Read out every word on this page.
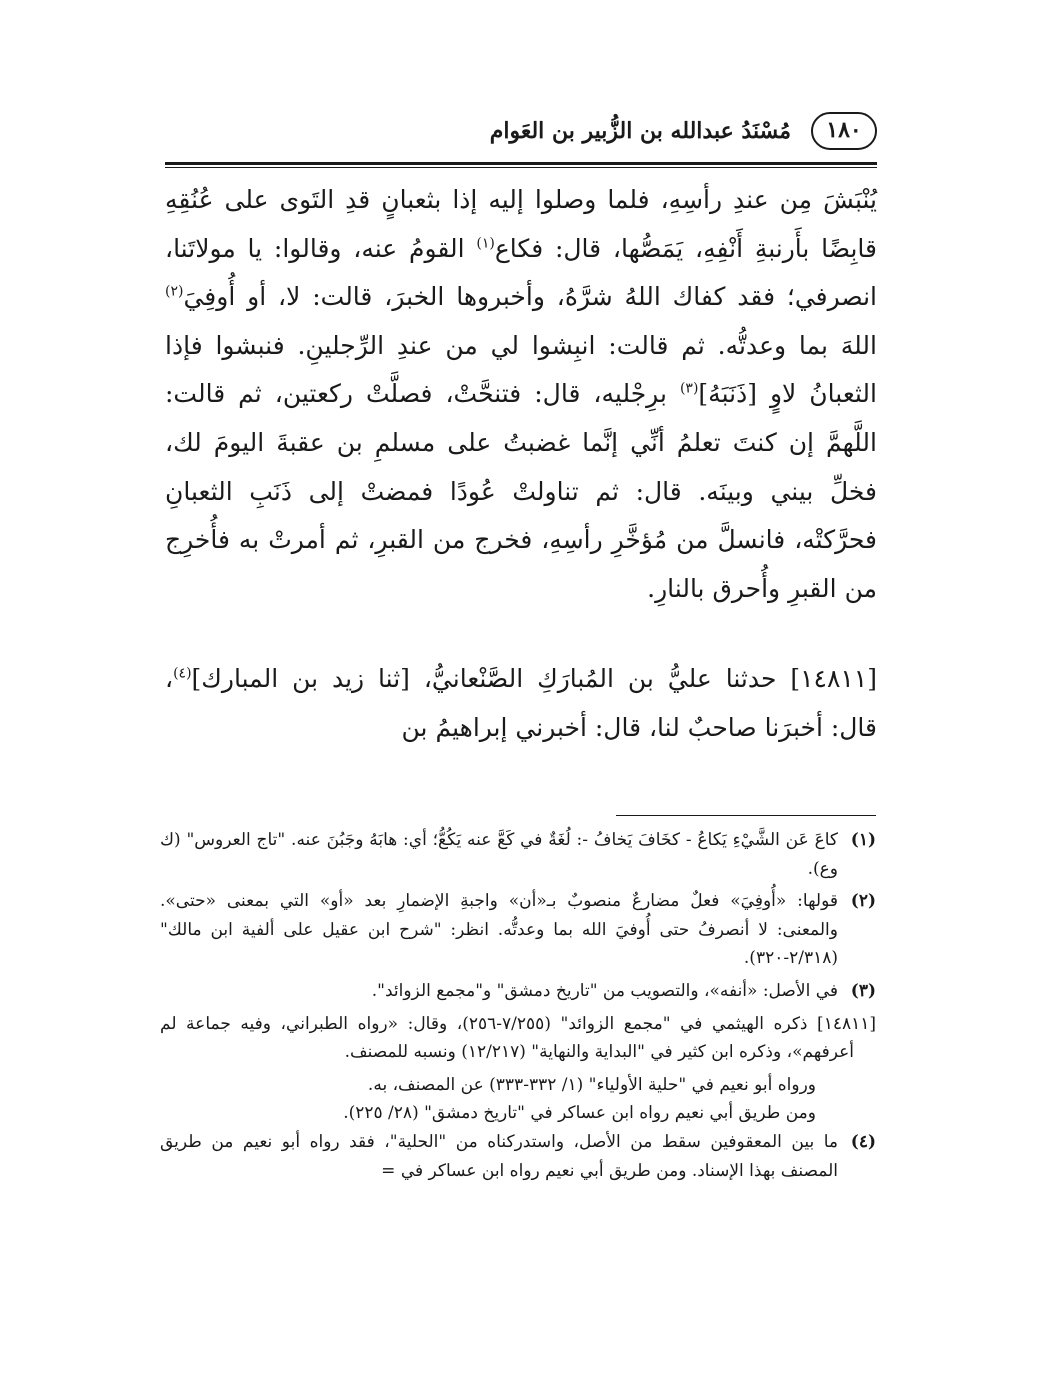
١٨٠
مُسْنَدُ عبدالله بن الزُّبير بن العَوام

يُنْبَشَ مِن عندِ رأسِهِ، فلما وصلوا إليه إذا بثعبانٍ قدِ التَوى على عُنُقِهِ قابِضًا بأَرنبةِ أَنْفِهِ، يَمَصُّها، قال: فكاع$^{(١)}$ القومُ عنه، وقالوا: يا مولاتَنا، انصرفي؛ فقد كفاك اللهُ شرَّهُ، وأخبروها الخبرَ، قالت: لا، أو أُوفِيَ$^{(٢)}$ اللهَ بما وعدتُّه. ثم قالت: انبِشوا لي من عندِ الرِّجلينِ. فنبشوا فإذا الثعبانُ لاوٍ [ذَنَبَهُ]$^{(٣)}$ برِجْليه، قال: فتنحَّتْ، فصلَّتْ ركعتين، ثم قالت: اللَّهمَّ إن كنتَ تعلمُ أنِّي إنَّما غضبتُ على مسلمِ بن عقبةَ اليومَ لك، فخلِّ بيني وبينَه. قال: ثم تناولتْ عُودًا فمضتْ إلى ذَنَبِ الثعبانِ فحرَّكتْه، فانسلَّ من مُؤخَّرِ رأسِهِ، فخرج من القبرِ، ثم أمرتْ به فأُخرِج من القبرِ وأُحرق بالنارِ.

[١٤٨١١] حدثنا عليُّ بن المُبارَكِ الصَّنْعانيُّ، [ثنا زيد بن المبارك]$^{(٤)}$، قال: أخبرَنا صاحبٌ لنا، قال: أخبرني إبراهيمُ بن

(١)
كاعَ عَن الشَّيْءِ يَكاعُ - كخَافَ يَخافُ -: لُغَةٌ في كَعَّ عنه يَكُعُّ؛ أي: هابَهُ وجَبُنَ عنه. "تاج العروس" (ك وع).
(٢)
قولها: «أُوفِيَ» فعلٌ مضارعٌ منصوبٌ بـ«أن» واجبةِ الإضمارِ بعد «أو» التي بمعنى «حتى». والمعنى: لا أنصرفُ حتى أُوفيَ الله بما وعدتُّه. انظر: "شرح ابن عقيل على ألفية ابن مالك" (٢/٣١٨-٣٢٠).
(٣)
في الأصل: «أنفه»، والتصويب من "تاريخ دمشق" و"مجمع الزوائد".
[١٤٨١١] ذكره الهيثمي في "مجمع الزوائد" (٧/٢٥٥-٢٥٦)، وقال: «رواه الطبراني، وفيه جماعة لم أعرفهم»، وذكره ابن كثير في "البداية والنهاية" (١٢/٢١٧) ونسبه للمصنف.
ورواه أبو نعيم في "حلية الأولياء" (١/ ٣٣٢-٣٣٣) عن المصنف، به.
ومن طريق أبي نعيم رواه ابن عساكر في "تاريخ دمشق" (٢٨/ ٢٢٥).
(٤)
ما بين المعقوفين سقط من الأصل، واستدركناه من "الحلية"، فقد رواه أبو نعيم من طريق المصنف بهذا الإسناد. ومن طريق أبي نعيم رواه ابن عساكر في =
